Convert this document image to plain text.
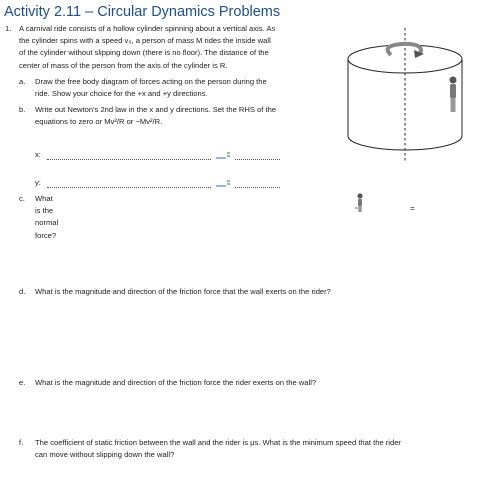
Activity 2.11 – Circular Dynamics Problems
1. A carnival ride consists of a hollow cylinder spinning about a vertical axis. As
the cylinder spins with a speed v₀, a person of mass M rides the inside wall
of the cylinder without slipping down (there is no floor). The distance of the
center of mass of the person from the axis of the cylinder is R.
a. Draw the free body diagram of forces acting on the person during the
ride. Show your choice for the +x and +y directions.
b. Write out Newton's 2nd law in the x and y directions. Set the RHS of the
equations to zero or Mv²/R or −Mv²/R.
x:
y:
c. What is the normal force?
d. What is the magnitude and direction of the friction force that the wall exerts on the rider?
e. What is the magnitude and direction of the friction force the rider exerts on the wall?
f. The coefficient of static friction between the wall and the rider is μs. What is the minimum speed that the rider
can move without slipping down the wall?
=
